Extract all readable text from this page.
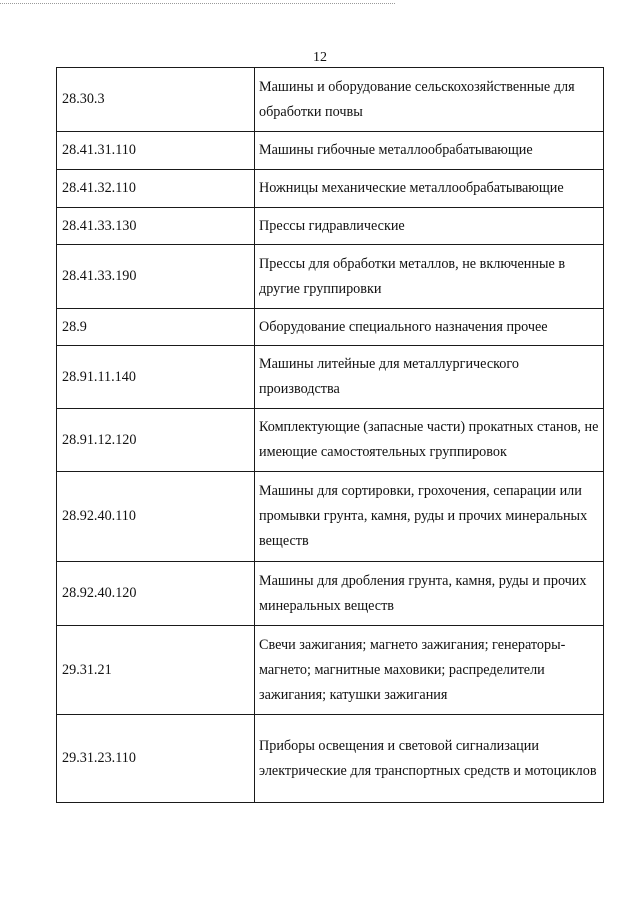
12
28.30.3	Машины и оборудование сельскохозяйственные для обработки почвы
28.41.31.110	Машины гибочные металлообрабатывающие
28.41.32.110	Ножницы механические металлообрабатывающие
28.41.33.130	Прессы гидравлические
28.41.33.190	Прессы для обработки металлов, не включенные в другие группировки
28.9	Оборудование специального назначения прочее
28.91.11.140	Машины литейные для металлургического производства
28.91.12.120	Комплектующие (запасные части) прокатных станов, не имеющие самостоятельных группировок
28.92.40.110	Машины для сортировки, грохочения, сепарации или промывки грунта, камня, руды и прочих минеральных веществ
28.92.40.120	Машины для дробления грунта, камня, руды и прочих минеральных веществ
29.31.21	Свечи зажигания; магнето зажигания; генераторы-магнето; магнитные маховики; распределители зажигания; катушки зажигания
29.31.23.110	Приборы освещения и световой сигнализации электрические для транспортных средств и мотоциклов
